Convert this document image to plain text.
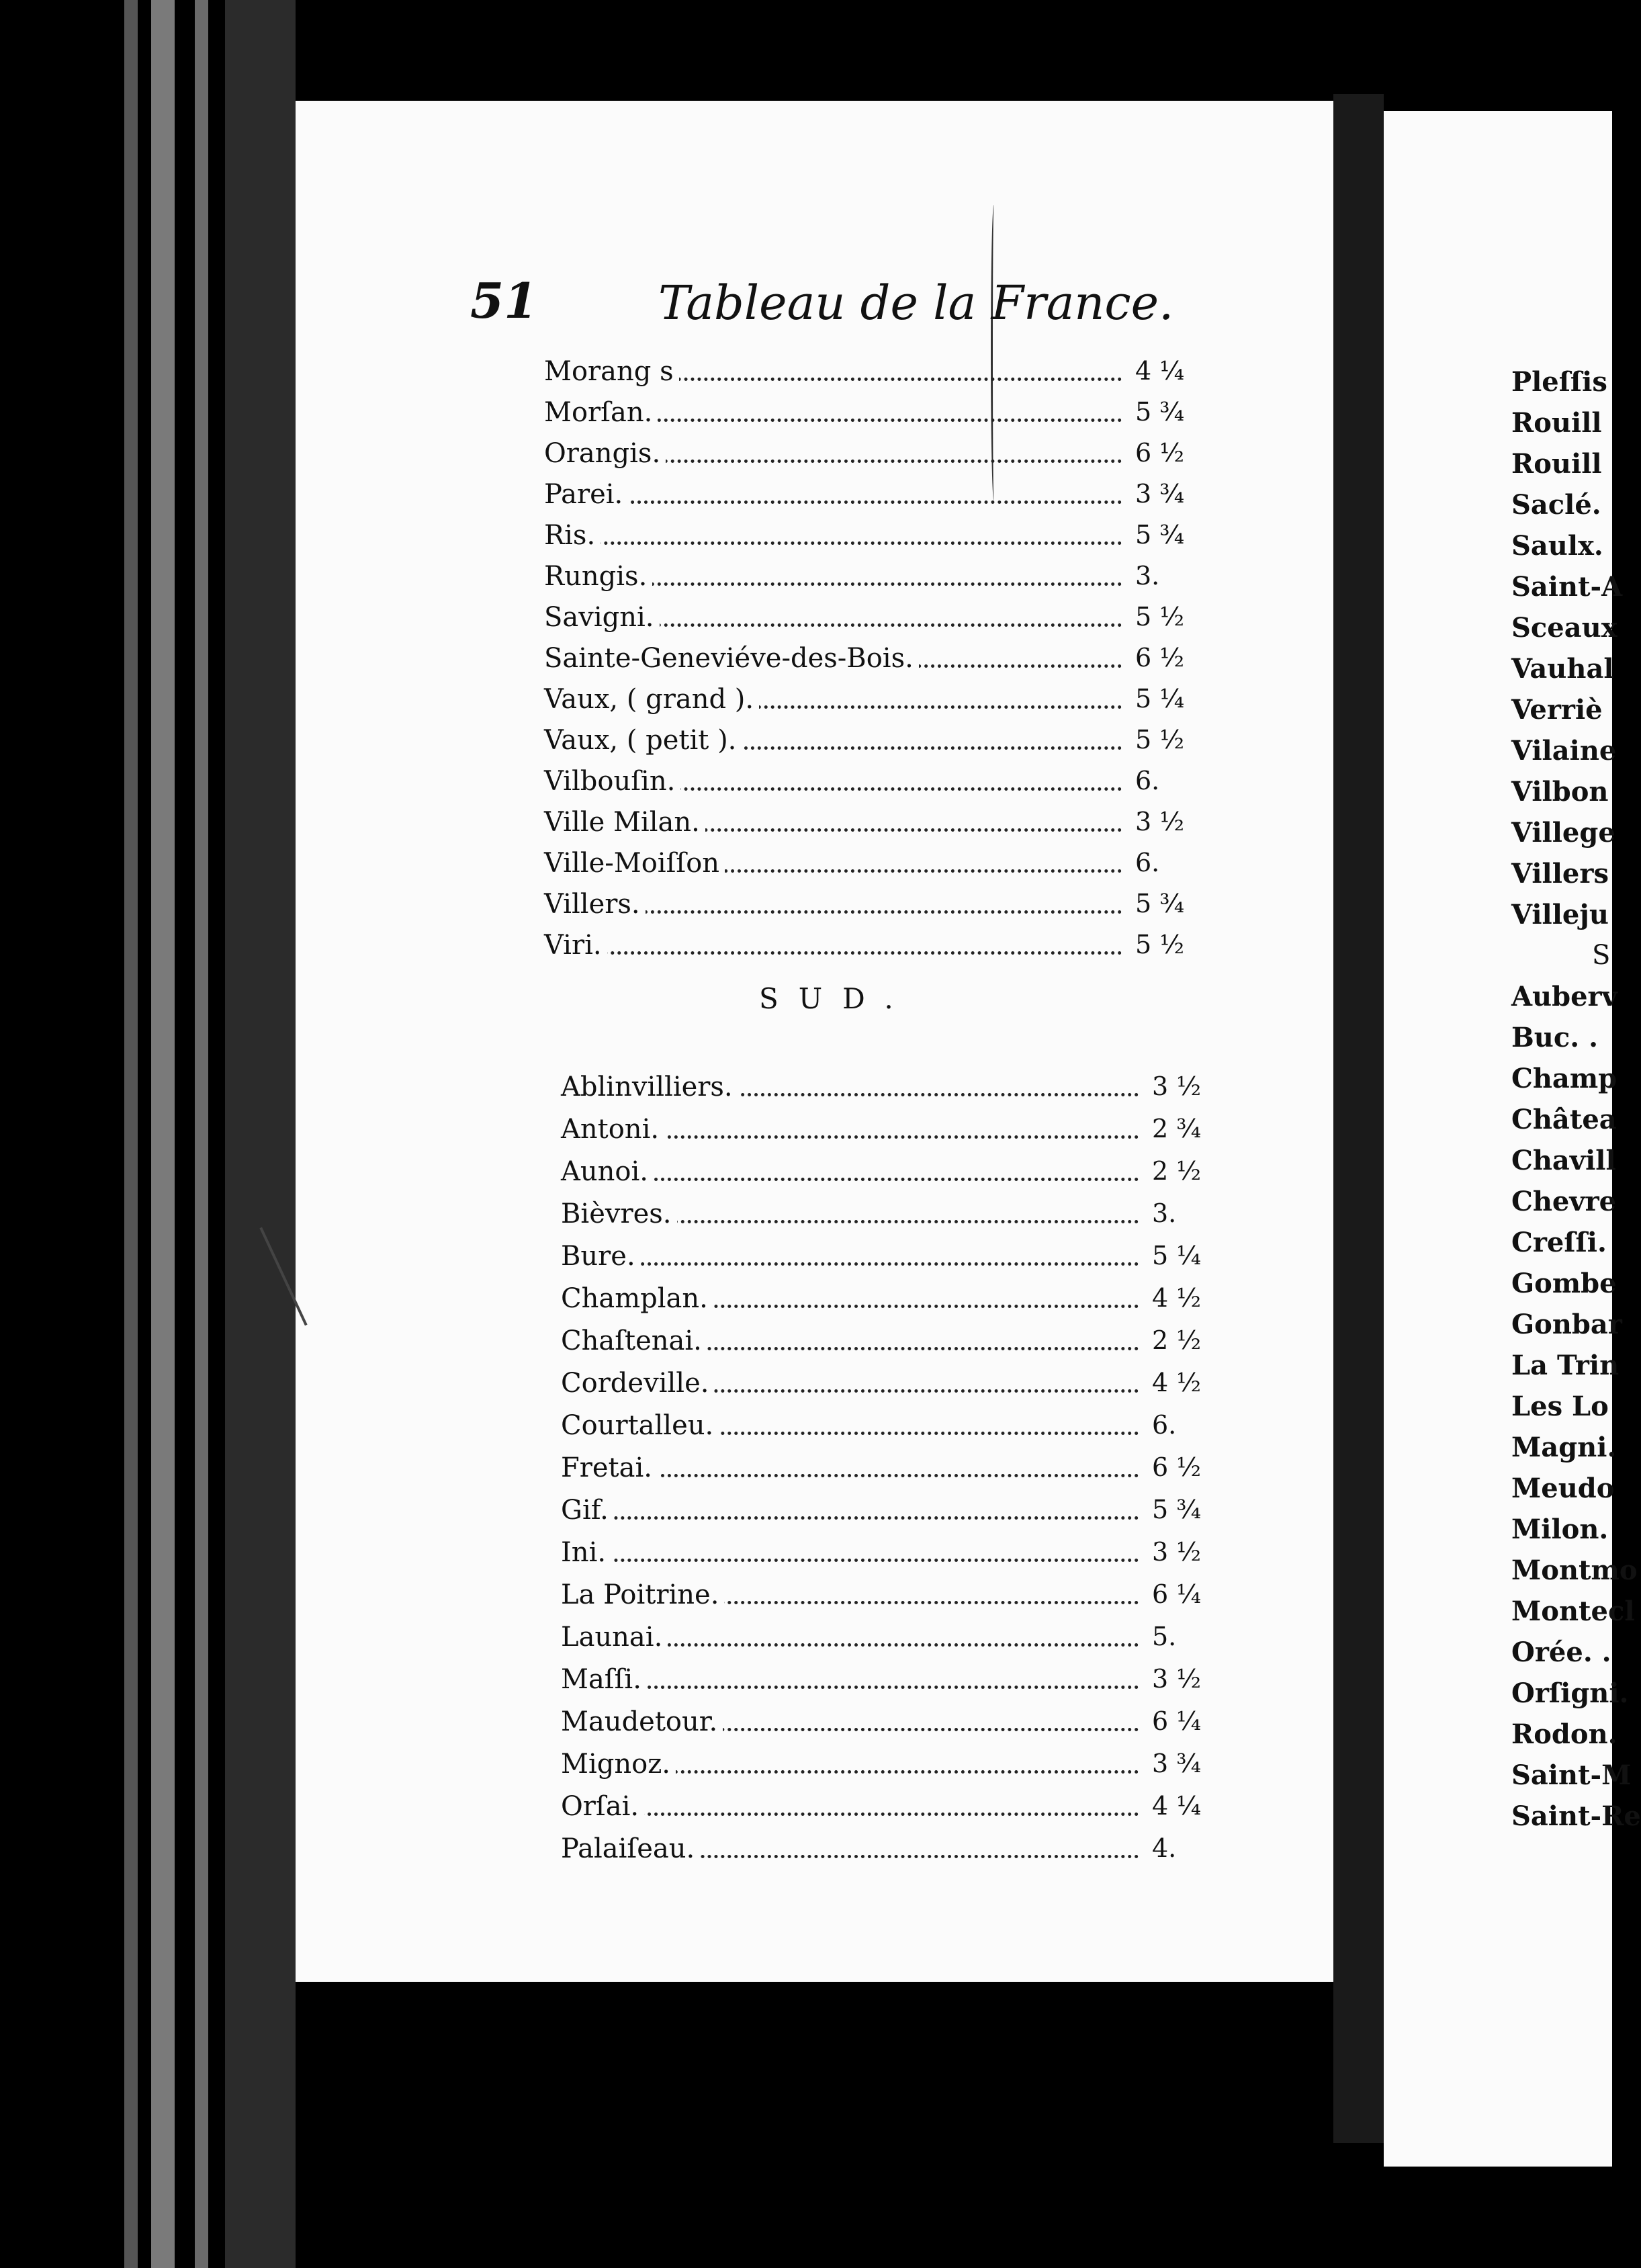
51	Tableau de la France.
Morang s	4 ¼
Morſan.	5 ¾
Orangis.	6 ½
Parei.	3 ¾
Ris.	5 ¾
Rungis.	3.
Savigni.	5 ½
Sainte-Geneviéve-des-Bois.	6 ½
Vaux, ( grand ).	5 ¼
Vaux, ( petit ).	5 ½
Vilbouſin.	6.
Ville Milan.	3 ½
Ville-Moiſſon	6.
Villers.	5 ¾
Viri.	5 ½
SUD.
Ablinvilliers.	3 ½
Antoni.	2 ¾
Aunoi.	2 ½
Bièvres.	3.
Bure.	5 ¼
Champlan.	4 ½
Chaſtenai.	2 ½
Cordeville.	4 ½
Courtalleu.	6.
Fretai.	6 ½
Gif.	5 ¾
Ini.	3 ½
La Poitrine.	6 ¼
Launai.	5.
Maſſi.	3 ½
Maudetour.	6 ¼
Mignoz.	3 ¾
Orſai.	4 ¼
Palaiſeau.	4.
Pleſſis
Rouill
Rouill
Saclé.
Saulx.
Saint-A
Sceaux
Vauhal
Verriè
Vilaine
Vilbon
Villege
Villers
Villeju
S
Auberv
Buc. .
Champ
Châtea
Chavill
Chevre
Creſſi.
Gombe
Gonbar
La Trin
Les Lo
Magni.
Meudo
Milon.
Montmo
Montecl
Orée. .
Orſigni.
Rodon.
Saint-M
Saint-Re
